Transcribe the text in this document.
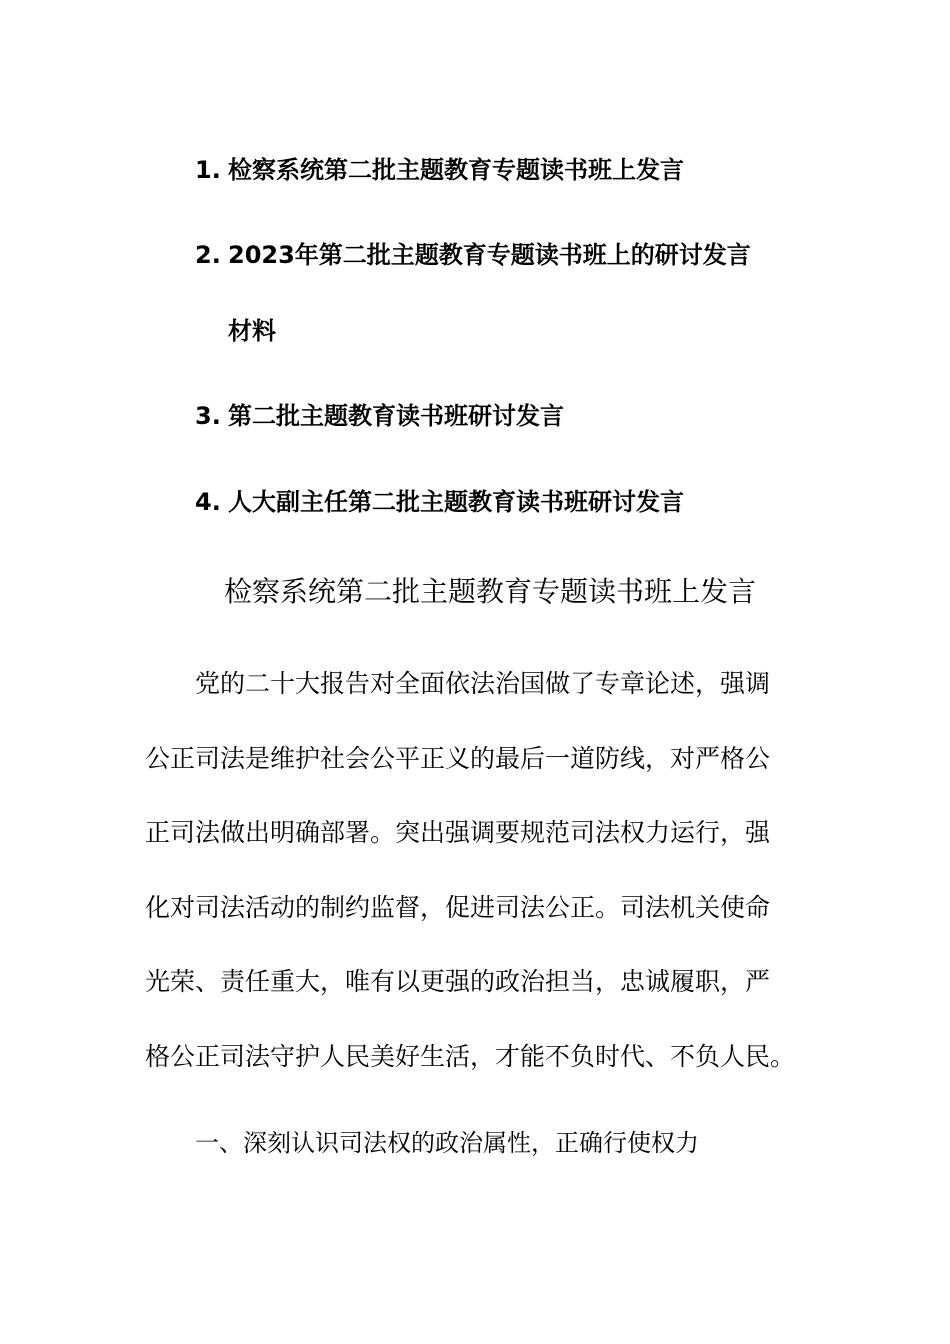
1. 检察系统第二批主题教育专题读书班上发言
2. 2023年第二批主题教育专题读书班上的研讨发言
材料
3. 第二批主题教育读书班研讨发言
4. 人大副主任第二批主题教育读书班研讨发言
检察系统第二批主题教育专题读书班上发言
党的二十大报告对全面依法治国做了专章论述，强调
公正司法是维护社会公平正义的最后一道防线，对严格公
正司法做出明确部署。突出强调要规范司法权力运行，强
化对司法活动的制约监督，促进司法公正。司法机关使命
光荣、责任重大，唯有以更强的政治担当，忠诚履职，严
格公正司法守护人民美好生活，才能不负时代、不负人民。
一、深刻认识司法权的政治属性，正确行使权力
